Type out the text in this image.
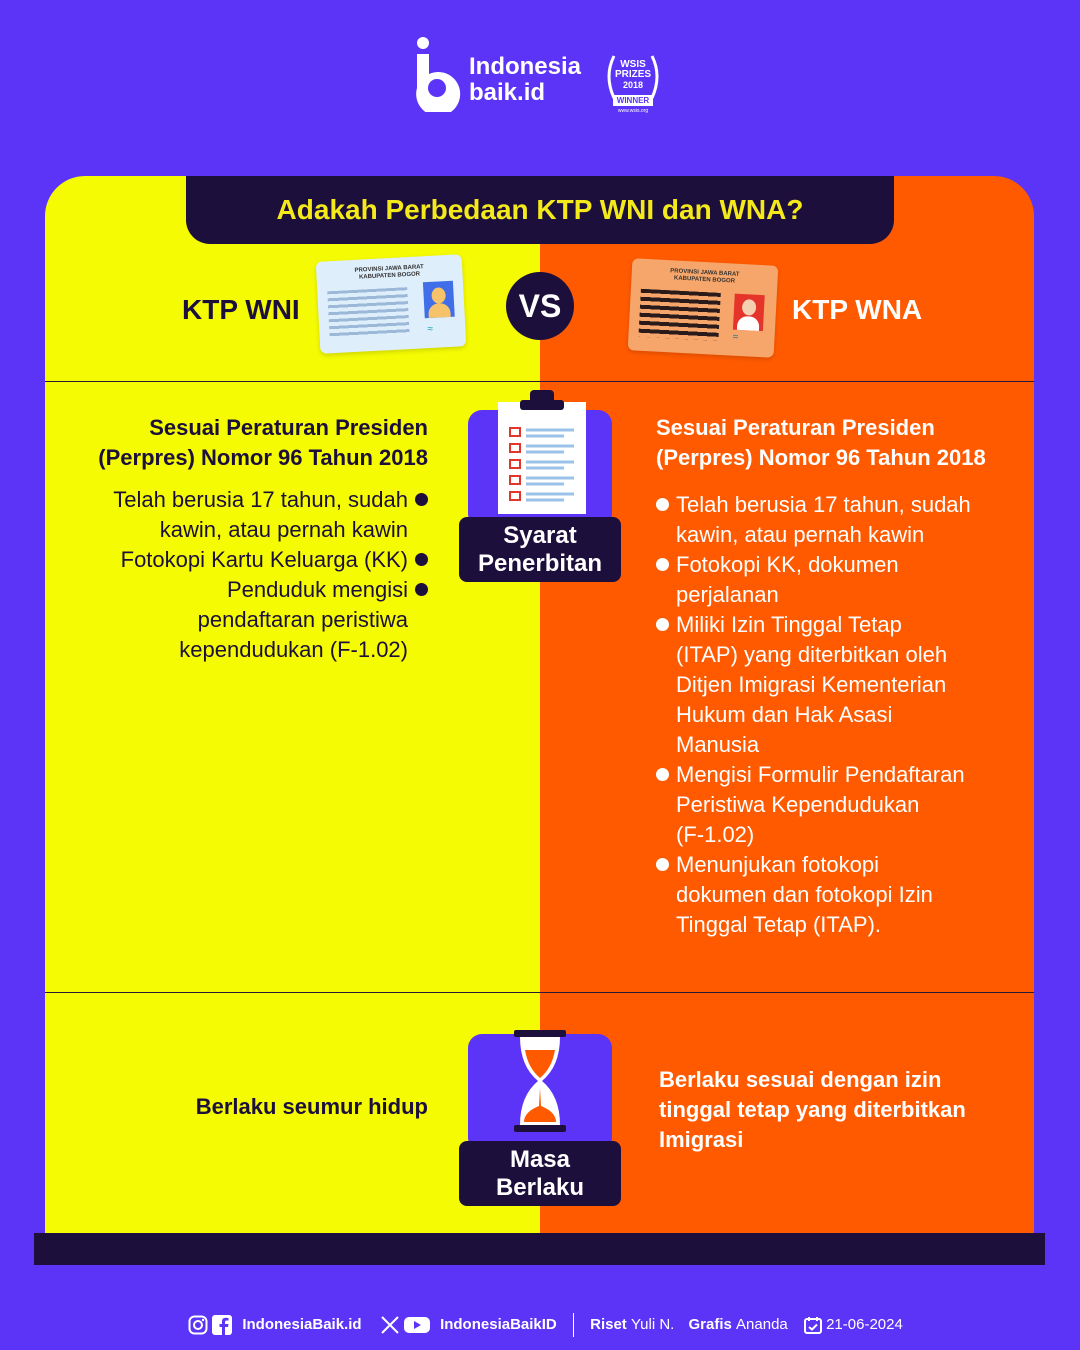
Indonesia
baik.id
WSIS
PRIZES
2018
WINNER
www.wsis.org
Adakah Perbedaan KTP WNI dan WNA?
KTP WNI
PROVINSI JAWA BARAT
KABUPATEN BOGOR
≈
VS
PROVINSI JAWA BARAT
KABUPATEN BOGOR
≈
KTP WNA
Sesuai Peraturan Presiden
(Perpres) Nomor 96 Tahun 2018
Telah berusia 17 tahun, sudah
kawin, atau pernah kawin
Fotokopi Kartu Keluarga (KK)
Penduduk mengisi
pendaftaran peristiwa
kependudukan (F-1.02)
Syarat
Penerbitan
Sesuai Peraturan Presiden
(Perpres) Nomor 96 Tahun 2018
Telah berusia 17 tahun, sudah
kawin, atau pernah kawin
Fotokopi KK, dokumen
perjalanan
Miliki Izin Tinggal Tetap
(ITAP) yang diterbitkan oleh
Ditjen Imigrasi Kementerian
Hukum dan Hak Asasi
Manusia
Mengisi Formulir Pendaftaran
Peristiwa Kependudukan
(F-1.02)
Menunjukan fotokopi
dokumen dan fotokopi Izin
Tinggal Tetap (ITAP).
Berlaku seumur hidup
Masa
Berlaku
Berlaku sesuai dengan izin
tinggal tetap yang diterbitkan
Imigrasi
IndonesiaBaik.id	IndonesiaBaikID Riset Yuli N. Grafis Ananda	21-06-2024
